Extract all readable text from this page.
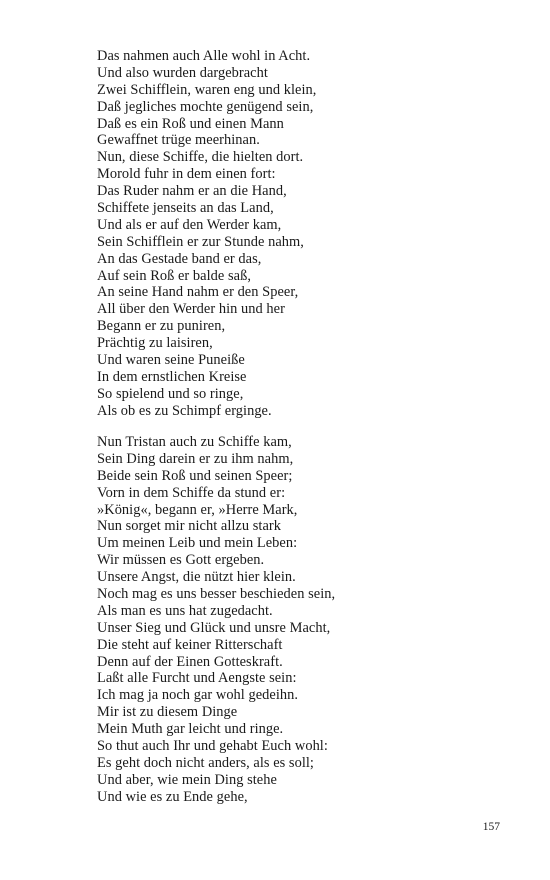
Das nahmen auch Alle wohl in Acht.
Und also wurden dargebracht
Zwei Schifflein, waren eng und klein,
Daß jegliches mochte genügend sein,
Daß es ein Roß und einen Mann
Gewaffnet trüge meerhinan.
Nun, diese Schiffe, die hielten dort.
Morold fuhr in dem einen fort:
Das Ruder nahm er an die Hand,
Schiffete jenseits an das Land,
Und als er auf den Werder kam,
Sein Schifflein er zur Stunde nahm,
An das Gestade band er das,
Auf sein Roß er balde saß,
An seine Hand nahm er den Speer,
All über den Werder hin und her
Begann er zu puniren,
Prächtig zu laisiren,
Und waren seine Puneiße
In dem ernstlichen Kreise
So spielend und so ringe,
Als ob es zu Schimpf erginge.
Nun Tristan auch zu Schiffe kam,
Sein Ding darein er zu ihm nahm,
Beide sein Roß und seinen Speer;
Vorn in dem Schiffe da stund er:
»König«, begann er, »Herre Mark,
Nun sorget mir nicht allzu stark
Um meinen Leib und mein Leben:
Wir müssen es Gott ergeben.
Unsere Angst, die nützt hier klein.
Noch mag es uns besser beschieden sein,
Als man es uns hat zugedacht.
Unser Sieg und Glück und unsre Macht,
Die steht auf keiner Ritterschaft
Denn auf der Einen Gotteskraft.
Laßt alle Furcht und Aengste sein:
Ich mag ja noch gar wohl gedeihn.
Mir ist zu diesem Dinge
Mein Muth gar leicht und ringe.
So thut auch Ihr und gehabt Euch wohl:
Es geht doch nicht anders, als es soll;
Und aber, wie mein Ding stehe
Und wie es zu Ende gehe,
157
